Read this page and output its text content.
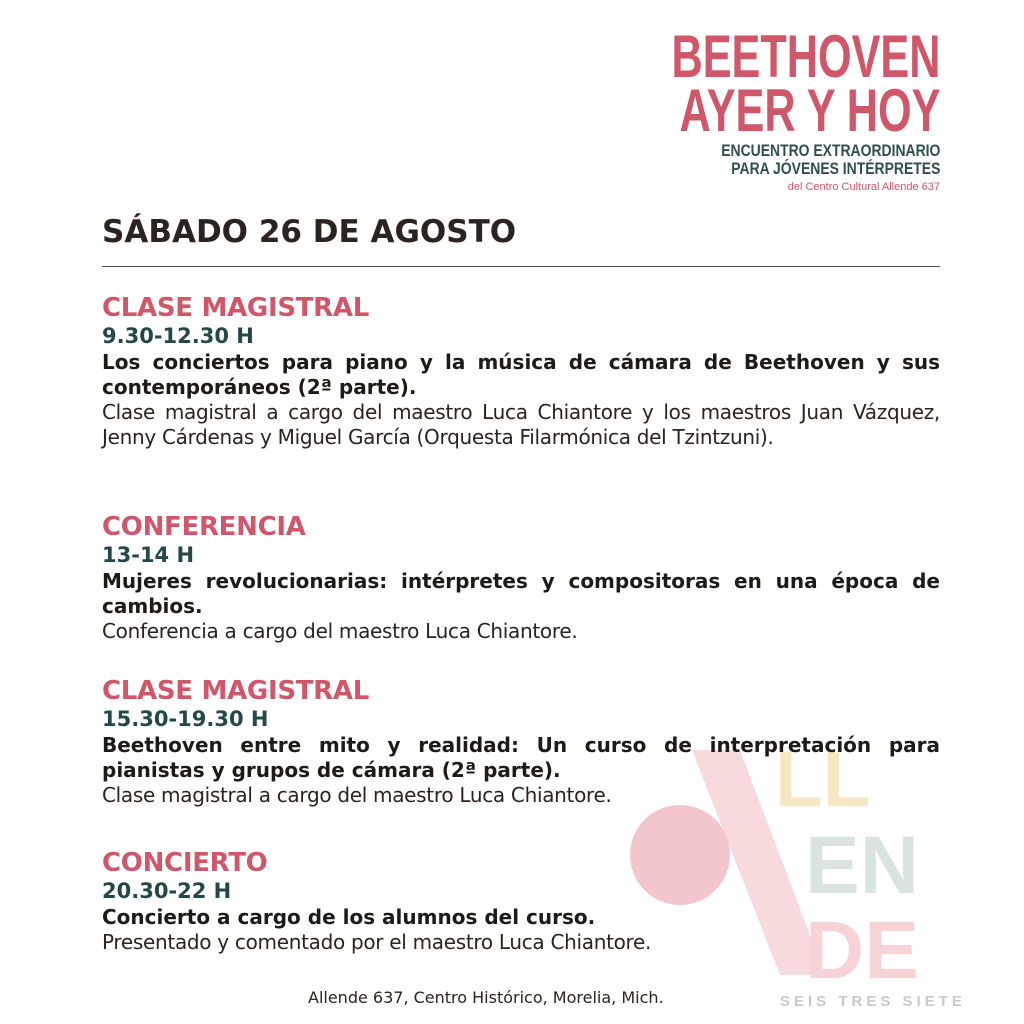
LL
EN
DE
SEIS TRES SIETE
BEETHOVEN
AYER Y HOY
ENCUENTRO EXTRAORDINARIO
PARA JÓVENES INTÉRPRETES
del Centro Cultural Allende 637
SÁBADO 26 DE AGOSTO
CLASE MAGISTRAL
9.30-12.30 H
Los conciertos para piano y la música de cámara de Beethoven y sus contemporáneos (2ª parte).
Clase magistral a cargo del maestro Luca Chiantore y los maestros Juan Vázquez, Jenny Cárdenas y Miguel García (Orquesta Filarmónica del Tzintzuni).
CONFERENCIA
13-14 H
Mujeres revolucionarias: intérpretes y compositoras en una época de cambios.
Conferencia a cargo del maestro Luca Chiantore.
CLASE MAGISTRAL
15.30-19.30 H
Beethoven entre mito y realidad: Un curso de interpretación para pianistas y grupos de cámara (2ª parte).
Clase magistral a cargo del maestro Luca Chiantore.
CONCIERTO
20.30-22 H
Concierto a cargo de los alumnos del curso.
Presentado y comentado por el maestro Luca Chiantore.
Allende 637, Centro Histórico, Morelia, Mich.
